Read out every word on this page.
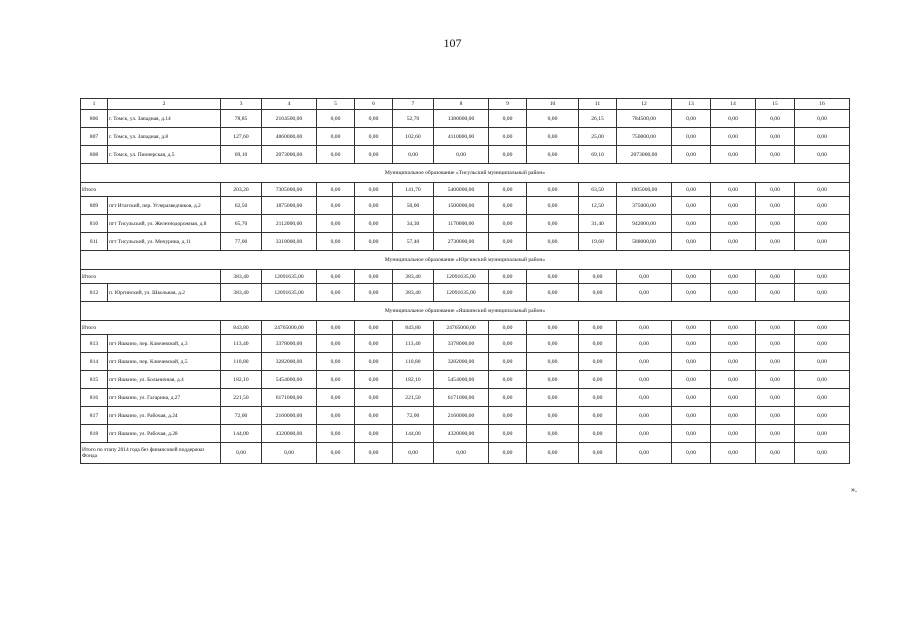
107
1	2	3	4	5	6	7	8	9	10	11	12	13	14	15	16
806	г. Томск, ул. Западная, д.14	78,85	2164500,00	0,00	0,00	52,70	1380000,00	0,00	0,00	26,15	784500,00	0,00	0,00	0,00	0,00
807	г. Томск, ул. Западная, д.8	127,60	4860000,00	0,00	0,00	102,60	4110000,00	0,00	0,00	25,00	750000,00	0,00	0,00	0,00	0,00
808	г. Томск, ул. Пионерская, д.5	69,10	2073000,00	0,00	0,00	0,00	0,00	0,00	0,00	69,10	2073000,00	0,00	0,00	0,00	0,00
Муниципальное образование «Тисульский муниципальный район»															
Итого		203,20	7305000,00	0,00	0,00	141,70	5400000,00	0,00	0,00	63,50	1905000,00	0,00	0,00	0,00	0,00
809	пгт Итатский, пер. Углеразведчиков, д.2	62,50	1875000,00	0,00	0,00	50,00	1500000,00	0,00	0,00	12,50	375000,00	0,00	0,00	0,00	0,00
810	пгт Тисульский, ул. Железнодорожная, д.8	65,70	2112000,00	0,00	0,00	34,30	1170000,00	0,00	0,00	31,40	942000,00	0,00	0,00	0,00	0,00
811	пгт Тисульский, ул. Мичурина, д.11	77,00	3318000,00	0,00	0,00	57,40	2730000,00	0,00	0,00	19,60	588000,00	0,00	0,00	0,00	0,00
Муниципальное образование «Юргинский муниципальный район»															
Итого		383,40	12091635,00	0,00	0,00	383,40	12091635,00	0,00	0,00	0,00	0,00	0,00	0,00	0,00	0,00
812	п. Юргинский, ул. Школьная, д.2	383,40	12091635,00	0,00	0,00	383,40	12091635,00	0,00	0,00	0,00	0,00	0,00	0,00	0,00	0,00
Муниципальное образование «Яшкинский муниципальный район»															
Итого		843,80	24765000,00	0,00	0,00	843,80	24765000,00	0,00	0,00	0,00	0,00	0,00	0,00	0,00	0,00
813	пгт Яшкино, пер. Ключевской, д.3	113,40	3378000,00	0,00	0,00	113,40	3378000,00	0,00	0,00	0,00	0,00	0,00	0,00	0,00	0,00
814	пгт Яшкино, пер. Ключевской, д.5	110,80	3282000,00	0,00	0,00	110,80	3282000,00	0,00	0,00	0,00	0,00	0,00	0,00	0,00	0,00
815	пгт Яшкино, ул. Больничная, д.4	182,10	5454000,00	0,00	0,00	182,10	5454000,00	0,00	0,00	0,00	0,00	0,00	0,00	0,00	0,00
816	пгт Яшкино, ул. Гагарина, д.27	221,50	6171000,00	0,00	0,00	221,50	6171000,00	0,00	0,00	0,00	0,00	0,00	0,00	0,00	0,00
817	пгт Яшкино, ул. Рабочая, д.24	72,00	2160000,00	0,00	0,00	72,00	2160000,00	0,00	0,00	0,00	0,00	0,00	0,00	0,00	0,00
818	пгт Яшкино, ул. Рабочая, д.28	144,00	4320000,00	0,00	0,00	144,00	4320000,00	0,00	0,00	0,00	0,00	0,00	0,00	0,00	0,00
Итого по этапу 2014 года без финансовой поддержки Фонда		0,00	0,00	0,00	0,00	0,00	0,00	0,00	0,00	0,00	0,00	0,00	0,00	0,00	0,00
».
